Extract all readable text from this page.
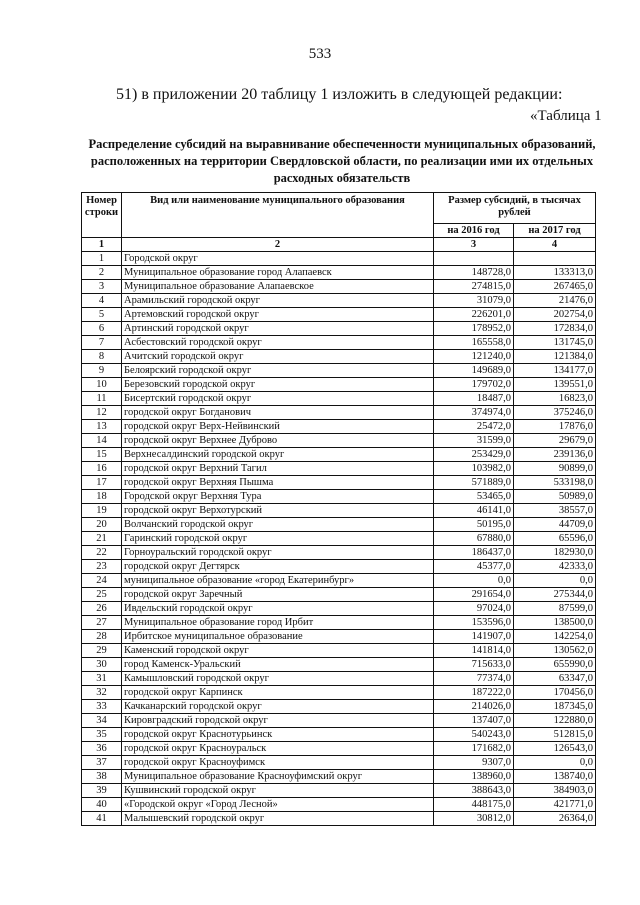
533
51) в приложении 20 таблицу 1 изложить в следующей редакции:
«Таблица 1
Распределение субсидий на выравнивание обеспеченности муниципальных образований, расположенных на территории Свердловской области, по реализации ими их отдельных расходных обязательств
Номер строки	Вид или наименование муниципального образования	Размер субсидий, в тысячах рублей	
		на 2016 год	на 2017 год
1	2	3	4
1	Городской округ		
2	Муниципальное образование город Алапаевск	148728,0	133313,0
3	Муниципальное образование Алапаевское	274815,0	267465,0
4	Арамильский городской округ	31079,0	21476,0
5	Артемовский городской округ	226201,0	202754,0
6	Артинский городской округ	178952,0	172834,0
7	Асбестовский городской округ	165558,0	131745,0
8	Ачитский городской округ	121240,0	121384,0
9	Белоярский городской округ	149689,0	134177,0
10	Березовский городской округ	179702,0	139551,0
11	Бисертский городской округ	18487,0	16823,0
12	городской округ Богданович	374974,0	375246,0
13	городской округ Верх-Нейвинский	25472,0	17876,0
14	городской округ Верхнее Дуброво	31599,0	29679,0
15	Верхнесалдинский городской округ	253429,0	239136,0
16	городской округ Верхний Тагил	103982,0	90899,0
17	городской округ Верхняя Пышма	571889,0	533198,0
18	Городской округ Верхняя Тура	53465,0	50989,0
19	городской округ Верхотурский	46141,0	38557,0
20	Волчанский городской округ	50195,0	44709,0
21	Гаринский городской округ	67880,0	65596,0
22	Горноуральский городской округ	186437,0	182930,0
23	городской округ Дегтярск	45377,0	42333,0
24	муниципальное образование «город Екатеринбург»	0,0	0,0
25	городской округ Заречный	291654,0	275344,0
26	Ивдельский городской округ	97024,0	87599,0
27	Муниципальное образование город Ирбит	153596,0	138500,0
28	Ирбитское муниципальное образование	141907,0	142254,0
29	Каменский городской округ	141814,0	130562,0
30	город Каменск-Уральский	715633,0	655990,0
31	Камышловский городской округ	77374,0	63347,0
32	городской округ Карпинск	187222,0	170456,0
33	Качканарский городской округ	214026,0	187345,0
34	Кировградский городской округ	137407,0	122880,0
35	городской округ Краснотурьинск	540243,0	512815,0
36	городской округ Красноуральск	171682,0	126543,0
37	городской округ Красноуфимск	9307,0	0,0
38	Муниципальное образование Красноуфимский округ	138960,0	138740,0
39	Кушвинский городской округ	388643,0	384903,0
40	«Городской округ «Город Лесной»	448175,0	421771,0
41	Малышевский городской округ	30812,0	26364,0
